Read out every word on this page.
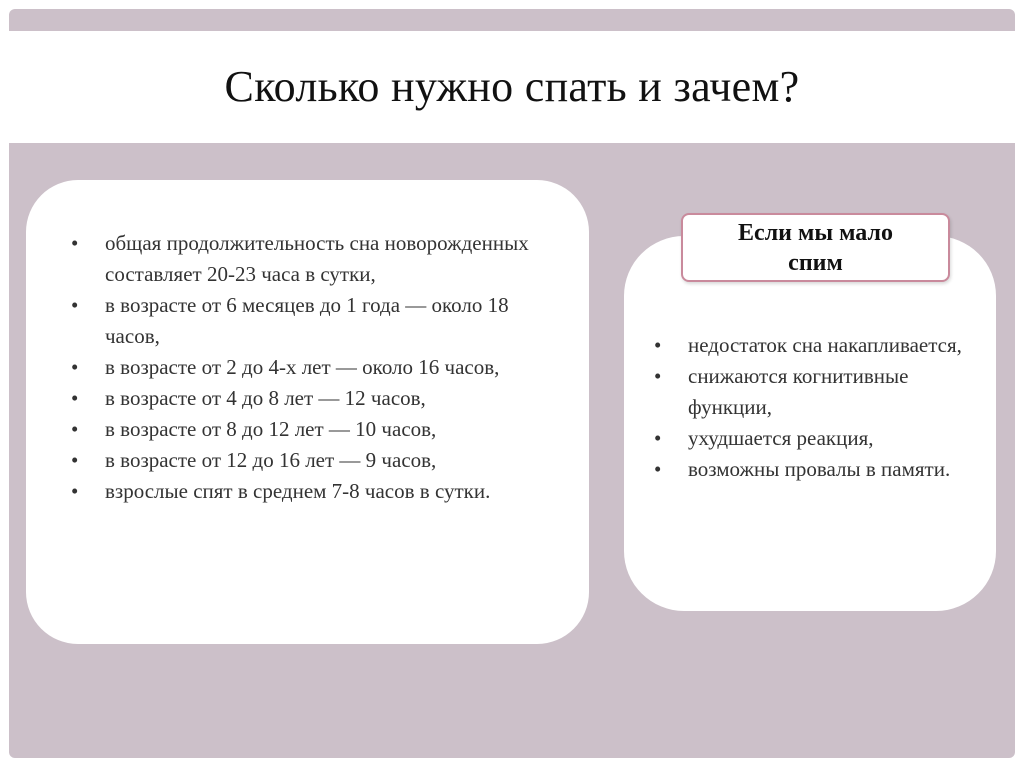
Сколько нужно спать и зачем?
•	общая продолжительность сна новорожденных составляет 20-23 часа в сутки,
•	в возрасте от 6 месяцев до 1 года — около 18 часов,
•	в возрасте от 2 до 4-х лет — около 16 часов,
•	в возрасте от 4 до 8 лет — 12 часов,
•	в возрасте от 8 до 12 лет — 10 часов,
•	в возрасте от 12 до 16 лет — 9 часов,
•	взрослые спят в среднем 7-8 часов в сутки.
•	недостаток сна накапливается,
•	снижаются когнитивные функции,
•	ухудшается реакция,
•	возможны провалы в памяти.
Если мы мало спим
